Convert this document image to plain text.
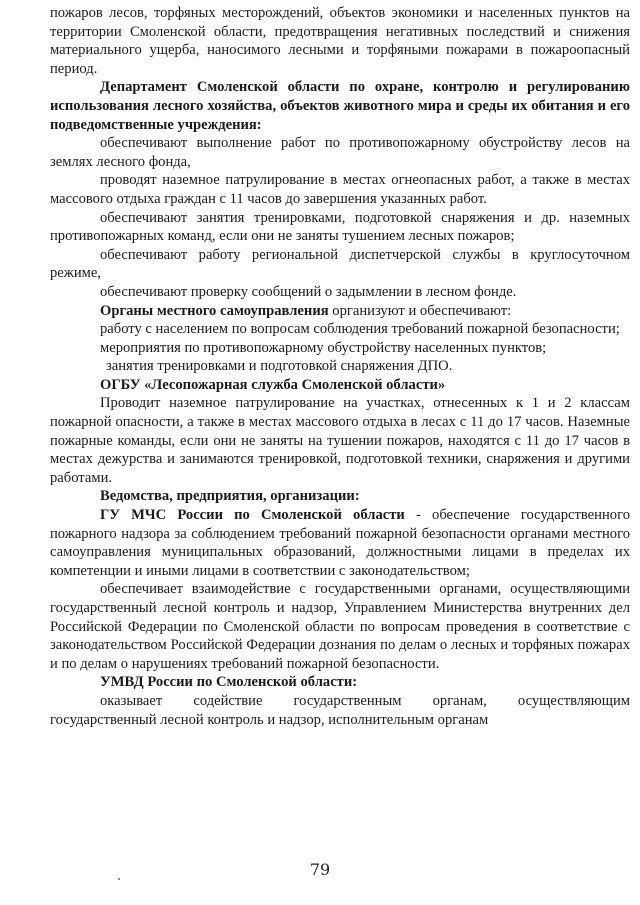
пожаров лесов, торфяных месторождений, объектов экономики и населенных пунктов на территории Смоленской области, предотвращения негативных последствий и снижения материального ущерба, наносимого лесными и торфяными пожарами в пожароопасный период.

Департамент Смоленской области по охране, контролю и регулированию использования лесного хозяйства, объектов животного мира и среды их обитания и его подведомственные учреждения:

обеспечивают выполнение работ по противопожарному обустройству лесов на землях лесного фонда,

проводят наземное патрулирование в местах огнеопасных работ, а также в местах массового отдыха граждан с 11 часов до завершения указанных работ.

обеспечивают занятия тренировками, подготовкой снаряжения и др. наземных противопожарных команд, если они не заняты тушением лесных пожаров;

обеспечивают работу региональной диспетчерской службы в круглосуточном режиме,

обеспечивают проверку сообщений о задымлении в лесном фонде.

Органы местного самоуправления организуют и обеспечивают:

работу с населением по вопросам соблюдения требований пожарной безопасности;

мероприятия по противопожарному обустройству населенных пунктов;

занятия тренировками и подготовкой снаряжения ДПО.

ОГБУ «Лесопожарная служба Смоленской области»

Проводит наземное патрулирование на участках, отнесенных к 1 и 2 классам пожарной опасности, а также в местах массового отдыха в лесах с 11 до 17 часов. Наземные пожарные команды, если они не заняты на тушении пожаров, находятся с 11 до 17 часов в местах дежурства и занимаются тренировкой, подготовкой техники, снаряжения и другими работами.

Ведомства, предприятия, организации:

ГУ МЧС России по Смоленской области - обеспечение государственного пожарного надзора за соблюдением требований пожарной безопасности органами местного самоуправления муниципальных образований, должностными лицами в пределах их компетенции и иными лицами в соответствии с законодательством;

обеспечивает взаимодействие с государственными органами, осуществляющими государственный лесной контроль и надзор, Управлением Министерства внутренних дел Российской Федерации по Смоленской области по вопросам проведения в соответствие с законодательством Российской Федерации дознания по делам о лесных и торфяных пожарах и по делам о нарушениях требований пожарной безопасности.

УМВД России по Смоленской области:

оказывает содействие государственным органам, осуществляющим государственный лесной контроль и надзор, исполнительным органам

79
